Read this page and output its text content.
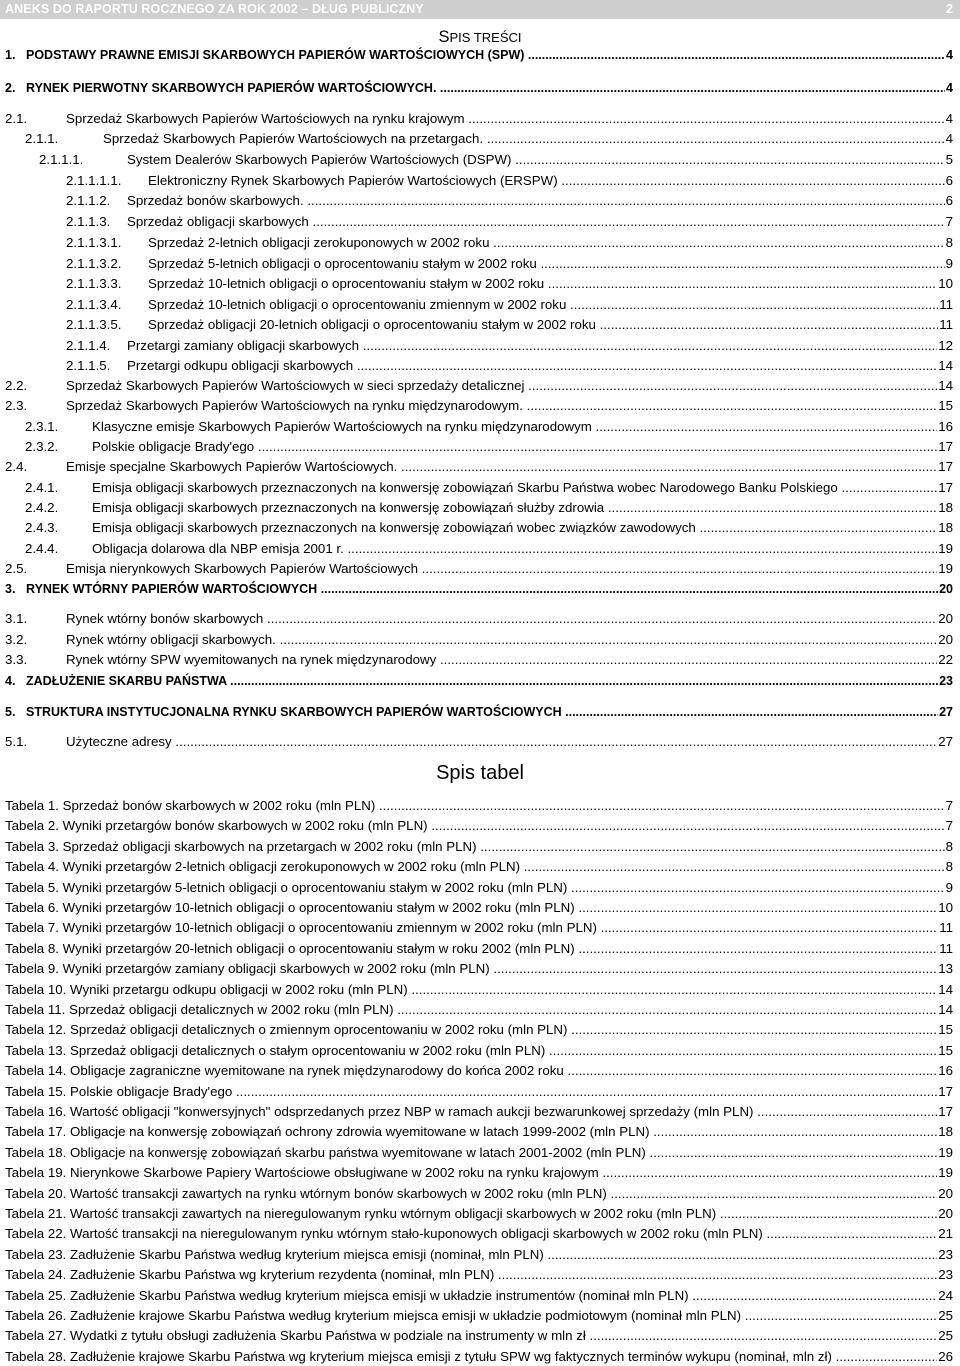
ANEKS DO RAPORTU ROCZNEGO ZA ROK 2002 – DŁUG PUBLICZNY	2
SPIS TREŚCI
1. PODSTAWY PRAWNE EMISJI SKARBOWYCH PAPIERÓW WARTOŚCIOWYCH (SPW) .....	4
2. RYNEK PIERWOTNY SKARBOWYCH PAPIERÓW WARTOŚCIOWYCH. .....	4
2.1.	Sprzedaż Skarbowych Papierów Wartościowych na rynku krajowym .....	4
2.1.1.	Sprzedaż Skarbowych Papierów Wartościowych na przetargach. .....	4
2.1.1.1.	System Dealerów Skarbowych Papierów Wartościowych (DSPW) .....	5
2.1.1.1.1. Elektroniczny Rynek Skarbowych Papierów Wartościowych (ERSPW) .....	6
2.1.1.2. Sprzedaż bonów skarbowych. .....	6
2.1.1.3. Sprzedaż obligacji skarbowych .....	7
2.1.1.3.1. Sprzedaż 2-letnich obligacji zerokuponowych w 2002 roku .....	8
2.1.1.3.2. Sprzedaż 5-letnich obligacji o oprocentowaniu stałym w 2002 roku .....	9
2.1.1.3.3. Sprzedaż 10-letnich obligacji o oprocentowaniu stałym w 2002 roku .....	10
2.1.1.3.4. Sprzedaż 10-letnich obligacji o oprocentowaniu zmiennym w 2002 roku .....	11
2.1.1.3.5. Sprzedaż obligacji 20-letnich obligacji o oprocentowaniu stałym w 2002 roku .....	11
2.1.1.4. Przetargi zamiany obligacji skarbowych .....	12
2.1.1.5. Przetargi odkupu obligacji skarbowych .....	14
2.2.	Sprzedaż Skarbowych Papierów Wartościowych w sieci sprzedaży detalicznej .....	14
2.3.	Sprzedaż Skarbowych Papierów Wartościowych na rynku międzynarodowym. .....	15
2.3.1.	Klasyczne emisje Skarbowych Papierów Wartościowych na rynku międzynarodowym .....	16
2.3.2.	Polskie obligacje Brady'ego .....	17
2.4.	Emisje specjalne Skarbowych Papierów Wartościowych. .....	17
2.4.1.	Emisja obligacji skarbowych przeznaczonych na konwersję zobowiązań Skarbu Państwa wobec Narodowego Banku Polskiego .....	17
2.4.2.	Emisja obligacji skarbowych przeznaczonych na konwersję zobowiązań służby zdrowia .....	18
2.4.3.	Emisja obligacji skarbowych przeznaczonych na konwersję zobowiązań wobec związków zawodowych .....	18
2.4.4.	Obligacja dolarowa dla NBP emisja 2001 r. .....	19
2.5.	Emisja nierynkowych Skarbowych Papierów Wartościowych .....	19
3. RYNEK WTÓRNY PAPIERÓW WARTOŚCIOWYCH .....	20
3.1.	Rynek wtórny bonów skarbowych .....	20
3.2.	Rynek wtórny obligacji skarbowych. .....	20
3.3.	Rynek wtórny SPW wyemitowanych na rynek międzynarodowy .....	22
4. ZADŁUŻENIE SKARBU PAŃSTWA .....	23
5. STRUKTURA INSTYTUCJONALNA RYNKU SKARBOWYCH PAPIERÓW WARTOŚCIOWYCH .....	27
5.1.	Użyteczne adresy .....	27
Spis tabel
Tabela 1. Sprzedaż bonów skarbowych w 2002 roku (mln PLN) .....	7
Tabela 2. Wyniki przetargów bonów skarbowych w 2002 roku (mln PLN) .....	7
Tabela 3. Sprzedaż obligacji skarbowych na przetargach w 2002 roku (mln PLN) .....	8
Tabela 4. Wyniki przetargów 2-letnich obligacji zerokuponowych w 2002 roku (mln PLN) .....	8
Tabela 5. Wyniki przetargów 5-letnich obligacji o oprocentowaniu stałym w 2002 roku (mln PLN) .....	9
Tabela 6. Wyniki przetargów 10-letnich obligacji o oprocentowaniu stałym w 2002 roku (mln PLN) .....	10
Tabela 7. Wyniki przetargów 10-letnich obligacji o oprocentowaniu zmiennym w 2002 roku (mln PLN) .....	11
Tabela 8. Wyniki przetargów 20-letnich obligacji o oprocentowaniu stałym w roku 2002 (mln PLN) .....	11
Tabela 9. Wyniki przetargów zamiany obligacji skarbowych w 2002 roku (mln PLN) .....	13
Tabela 10. Wyniki przetargu odkupu obligacji w 2002 roku (mln PLN) .....	14
Tabela 11. Sprzedaż obligacji detalicznych w 2002 roku (mln PLN) .....	14
Tabela 12. Sprzedaż obligacji detalicznych o zmiennym oprocentowaniu w 2002 roku (mln PLN) .....	15
Tabela 13. Sprzedaż obligacji detalicznych o stałym oprocentowaniu w 2002 roku (mln PLN) .....	15
Tabela 14. Obligacje zagraniczne wyemitowane na rynek międzynarodowy do końca 2002 roku .....	16
Tabela 15. Polskie obligacje Brady'ego .....	17
Tabela 16. Wartość obligacji "konwersyjnych" odsprzedanych przez NBP w ramach aukcji bezwarunkowej sprzedaży (mln PLN) .....	17
Tabela 17. Obligacje na konwersję zobowiązań ochrony zdrowia wyemitowane w latach 1999-2002 (mln PLN) .....	18
Tabela 18. Obligacje na konwersję zobowiązań skarbu państwa wyemitowane w latach 2001-2002 (mln PLN) .....	19
Tabela 19. Nierynkowe Skarbowe Papiery Wartościowe obsługiwane w 2002 roku na rynku krajowym .....	19
Tabela 20. Wartość transakcji zawartych na rynku wtórnym bonów skarbowych w 2002 roku (mln PLN) .....	20
Tabela 21. Wartość transakcji zawartych na nieregulowanym rynku wtórnym obligacji skarbowych w 2002 roku (mln PLN) .....	20
Tabela 22. Wartość transakcji na nieregulowanym rynku wtórnym stało-kuponowych obligacji skarbowych w 2002 roku (mln PLN) .....	21
Tabela 23. Zadłużenie Skarbu Państwa według kryterium miejsca emisji (nominał, mln PLN) .....	23
Tabela 24. Zadłużenie Skarbu Państwa wg kryterium rezydenta (nominał, mln PLN) .....	23
Tabela 25. Zadłużenie Skarbu Państwa według kryterium miejsca emisji w układzie instrumentów (nominał mln PLN) .....	24
Tabela 26. Zadłużenie krajowe Skarbu Państwa według kryterium miejsca emisji w układzie podmiotowym (nominał mln PLN) .....	25
Tabela 27. Wydatki z tytułu obsługi zadłużenia Skarbu Państwa w podziale na instrumenty w mln zł .....	25
Tabela 28. Zadłużenie krajowe Skarbu Państwa wg kryterium miejsca emisji z tytułu SPW wg faktycznych terminów wykupu (nominał, mln zł) .....	26
